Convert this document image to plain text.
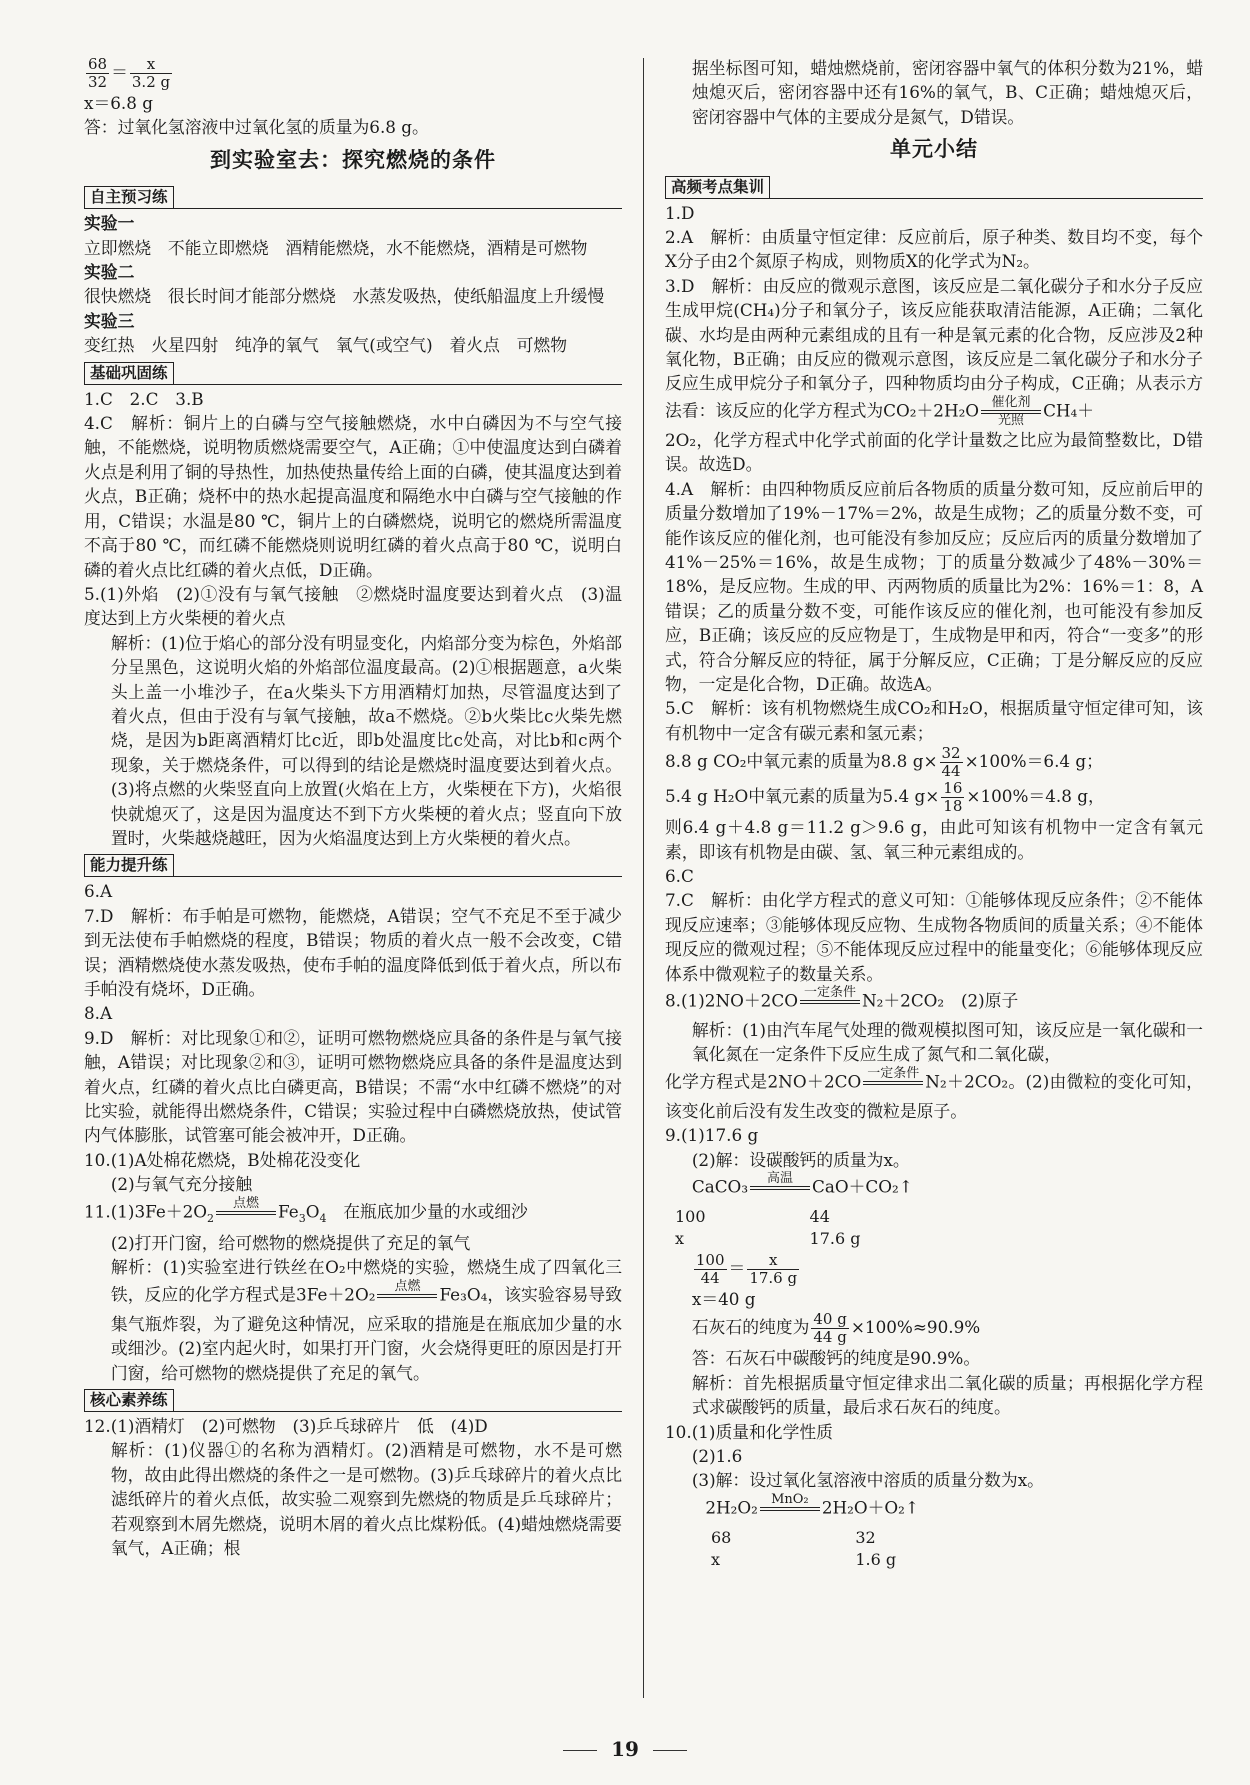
$\frac{68}{32} = \frac{x}{3.2 g}$

x＝6.8 g

答：过氧化氢溶液中过氧化氢的质量为6.8 g。

到实验室去：探究燃烧的条件
自主预习练

实验一

立即燃烧　不能立即燃烧　酒精能燃烧，水不能燃烧，酒精是可燃物

实验二

很快燃烧　很长时间才能部分燃烧　水蒸发吸热，使纸船温度上升缓慢

实验三

变红热　火星四射　纯净的氧气　氧气(或空气)　着火点　可燃物

基础巩固练

1.C　2.C　3.B

4.C　解析：铜片上的白磷与空气接触燃烧，水中白磷因为不与空气接触，不能燃烧，说明物质燃烧需要空气，A正确；①中使温度达到白磷着火点是利用了铜的导热性，加热使热量传给上面的白磷，使其温度达到着火点，B正确；烧杯中的热水起提高温度和隔绝水中白磷与空气接触的作用，C错误；水温是80 ℃，铜片上的白磷燃烧，说明它的燃烧所需温度不高于80 ℃，而红磷不能燃烧则说明红磷的着火点高于80 ℃，说明白磷的着火点比红磷的着火点低，D正确。

5.(1)外焰　(2)①没有与氧气接触　②燃烧时温度要达到着火点　(3)温度达到上方火柴梗的着火点

解析：(1)位于焰心的部分没有明显变化，内焰部分变为棕色，外焰部分呈黑色，这说明火焰的外焰部位温度最高。(2)①根据题意，a火柴头上盖一小堆沙子，在a火柴头下方用酒精灯加热，尽管温度达到了着火点，但由于没有与氧气接触，故a不燃烧。②b火柴比c火柴先燃烧，是因为b距离酒精灯比c近，即b处温度比c处高，对比b和c两个现象，关于燃烧条件，可以得到的结论是燃烧时温度要达到着火点。(3)将点燃的火柴竖直向上放置(火焰在上方，火柴梗在下方)，火焰很快就熄灭了，这是因为温度达不到下方火柴梗的着火点；竖直向下放置时，火柴越烧越旺，因为火焰温度达到上方火柴梗的着火点。

能力提升练

6.A

7.D　解析：布手帕是可燃物，能燃烧，A错误；空气不充足不至于减少到无法使布手帕燃烧的程度，B错误；物质的着火点一般不会改变，C错误；酒精燃烧使水蒸发吸热，使布手帕的温度降低到低于着火点，所以布手帕没有烧坏，D正确。

8.A

9.D　解析：对比现象①和②，证明可燃物燃烧应具备的条件是与氧气接触，A错误；对比现象②和③，证明可燃物燃烧应具备的条件是温度达到着火点，红磷的着火点比白磷更高，B错误；不需“水中红磷不燃烧”的对比实验，就能得出燃烧条件，C错误；实验过程中白磷燃烧放热，使试管内气体膨胀，试管塞可能会被冲开，D正确。

10.(1)A处棉花燃烧，B处棉花没变化

(2)与氧气充分接触

$11.(1)3Fe+2O_2$
点燃
	$Fe_3O_4$　在瓶底加少量的水或细沙

(2)打开门窗，给可燃物的燃烧提供了充足的氧气

解析：(1)实验室进行铁丝在O₂中燃烧的实验，燃烧生成了四氧化三铁，反应的化学方程式是3Fe＋2O₂	点燃
	Fe₃O₄，该实验容易导致集气瓶炸裂，为了避免这种情况，应采取的措施是在瓶底加少量的水或细沙。(2)室内起火时，如果打开门窗，火会烧得更旺的原因是打开门窗，给可燃物的燃烧提供了充足的氧气。
核心素养练

12.(1)酒精灯　(2)可燃物　(3)乒乓球碎片　低　(4)D

解析：(1)仪器①的名称为酒精灯。(2)酒精是可燃物，水不是可燃物，故由此得出燃烧的条件之一是可燃物。(3)乒乓球碎片的着火点比滤纸碎片的着火点低，故实验二观察到先燃烧的物质是乒乓球碎片；若观察到木屑先燃烧，说明木屑的着火点比煤粉低。(4)蜡烛燃烧需要氧气，A正确；根

据坐标图可知，蜡烛燃烧前，密闭容器中氧气的体积分数为21%，蜡烛熄灭后，密闭容器中还有16%的氧气，B、C正确；蜡烛熄灭后，密闭容器中气体的主要成分是氮气，D错误。

单元小结
高频考点集训

1.D

2.A　解析：由质量守恒定律：反应前后，原子种类、数目均不变，每个X分子由2个氮原子构成，则物质X的化学式为N₂。

3.D　解析：由反应的微观示意图，该反应是二氧化碳分子和水分子反应生成甲烷(CH₄)分子和氧分子，该反应能获取清洁能源，A正确；二氧化碳、水均是由两种元素组成的且有一种是氧元素的化合物，反应涉及2种氧化物，B正确；由反应的微观示意图，该反应是二氧化碳分子和水分子反应生成甲烷分子和氧分子，四种物质均由分子构成，C正确；从表示方法看：该反应的化学方程式为CO₂＋2H₂O 催化剂
光照	CH₄＋

2O₂，化学方程式中化学式前面的化学计量数之比应为最简整数比，D错误。故选D。

4.A　解析：由四种物质反应前后各物质的质量分数可知，反应前后甲的质量分数增加了19%－17%＝2%，故是生成物；乙的质量分数不变，可能作该反应的催化剂，也可能没有参加反应；反应后丙的质量分数增加了41%－25%＝16%，故是生成物；丁的质量分数减少了48%－30%＝18%，是反应物。生成的甲、丙两物质的质量比为2%：16%＝1：8，A错误；乙的质量分数不变，可能作该反应的催化剂，也可能没有参加反应，B正确；该反应的反应物是丁，生成物是甲和丙，符合“一变多”的形式，符合分解反应的特征，属于分解反应，C正确；丁是分解反应的反应物，一定是化合物，D正确。故选A。

5.C　解析：该有机物燃烧生成CO₂和H₂O，根据质量守恒定律可知，该有机物中一定含有碳元素和氢元素；

8.8 g CO₂中氧元素的质量为8.8 $g\times \frac{32}{44} \times 100\%=6.4$ g；
5.4 g H₂O中氧元素的质量为5.4 $g\times \frac{16}{18} \times 100\%=4.8$ g，

则6.4 g＋4.8 g＝11.2 g＞9.6 g，由此可知该有机物中一定含有氧元素，即该有机物是由碳、氢、氧三种元素组成的。

6.C

7.C　解析：由化学方程式的意义可知：①能够体现反应条件；②不能体现反应速率；③能够体现反应物、生成物各物质间的质量关系；④不能体现反应的微观过程；⑤不能体现反应过程中的能量变化；⑥能够体现反应体系中微观粒子的数量关系。

8.(1)2NO＋2CO 一定条件
N₂＋2CO₂　(2)原子

解析：(1)由汽车尾气处理的微观模拟图可知，该反应是一氧化碳和一氧化氮在一定条件下反应生成了氮气和二氧化碳，

化学方程式是2NO＋2CO 一定条件
N₂＋2CO₂。(2)由微粒的变化可知，该变化前后没有发生改变的微粒是原子。

9.(1)17.6 g

(2)解：设碳酸钙的质量为x。

CaCO₃	高温
	CaO＋CO₂↑
100	44
x	17.6 g
$\frac{100}{44} = \frac{x}{17.6 g}$

x＝40 g

石灰石的纯度为 $\frac{40 g}{44 g} \times 100\%\approx 90.9\%$

答：石灰石中碳酸钙的纯度是90.9%。

解析：首先根据质量守恒定律求出二氧化碳的质量；再根据化学方程式求碳酸钙的质量，最后求石灰石的纯度。

10.(1)质量和化学性质

(2)1.6

(3)解：设过氧化氢溶液中溶质的质量分数为x。

2H₂O₂	MnO₂
2H₂O＋O₂↑
68	32
x	1.6 g
19
